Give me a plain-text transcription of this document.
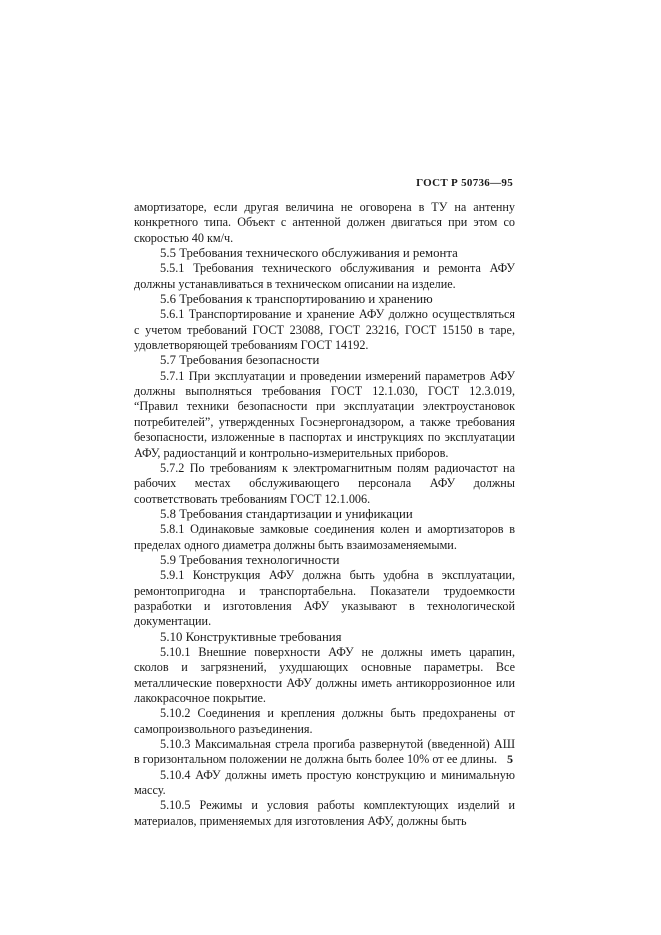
ГОСТ Р 50736—95

амортизаторе, если другая величина не оговорена в ТУ на антенну конкретного типа. Объект с антенной должен двигаться при этом со скоростью 40 км/ч.

5.5 Требования технического обслуживания и ремонта

5.5.1 Требования технического обслуживания и ремонта АФУ должны устанавливаться в техническом описании на изделие.

5.6 Требования к транспортированию и хранению

5.6.1 Транспортирование и хранение АФУ должно осуществляться с учетом требований ГОСТ 23088, ГОСТ 23216, ГОСТ 15150 в таре, удовлетворяющей требованиям ГОСТ 14192.

5.7 Требования безопасности

5.7.1 При эксплуатации и проведении измерений параметров АФУ должны выполняться требования ГОСТ 12.1.030, ГОСТ 12.3.019, “Правил техники безопасности при эксплуатации электроустановок потребителей”, утвержденных Госэнергонадзором, а также требования безопасности, изложенные в паспортах и инструкциях по эксплуатации АФУ, радиостанций и контрольно-измерительных приборов.

5.7.2 По требованиям к электромагнитным полям радиочастот на рабочих местах обслуживающего персонала АФУ должны соответствовать требованиям ГОСТ 12.1.006.

5.8 Требования стандартизации и унификации

5.8.1 Одинаковые замковые соединения колен и амортизаторов в пределах одного диаметра должны быть взаимозаменяемыми.

5.9 Требования технологичности

5.9.1 Конструкция АФУ должна быть удобна в эксплуатации, ремонтопригодна и транспортабельна. Показатели трудоемкости разработки и изготовления АФУ указывают в технологической документации.

5.10 Конструктивные требования

5.10.1 Внешние поверхности АФУ не должны иметь царапин, сколов и загрязнений, ухудшающих основные параметры. Все металлические поверхности АФУ должны иметь антикоррозионное или лакокрасочное покрытие.

5.10.2 Соединения и крепления должны быть предохранены от самопроизвольного разъединения.

5.10.3 Максимальная стрела прогиба развернутой (введенной) АШ в горизонтальном положении не должна быть более 10% от ее длины.

5.10.4 АФУ должны иметь простую конструкцию и минимальную массу.

5.10.5 Режимы и условия работы комплектующих изделий и материалов, применяемых для изготовления АФУ, должны быть

5
